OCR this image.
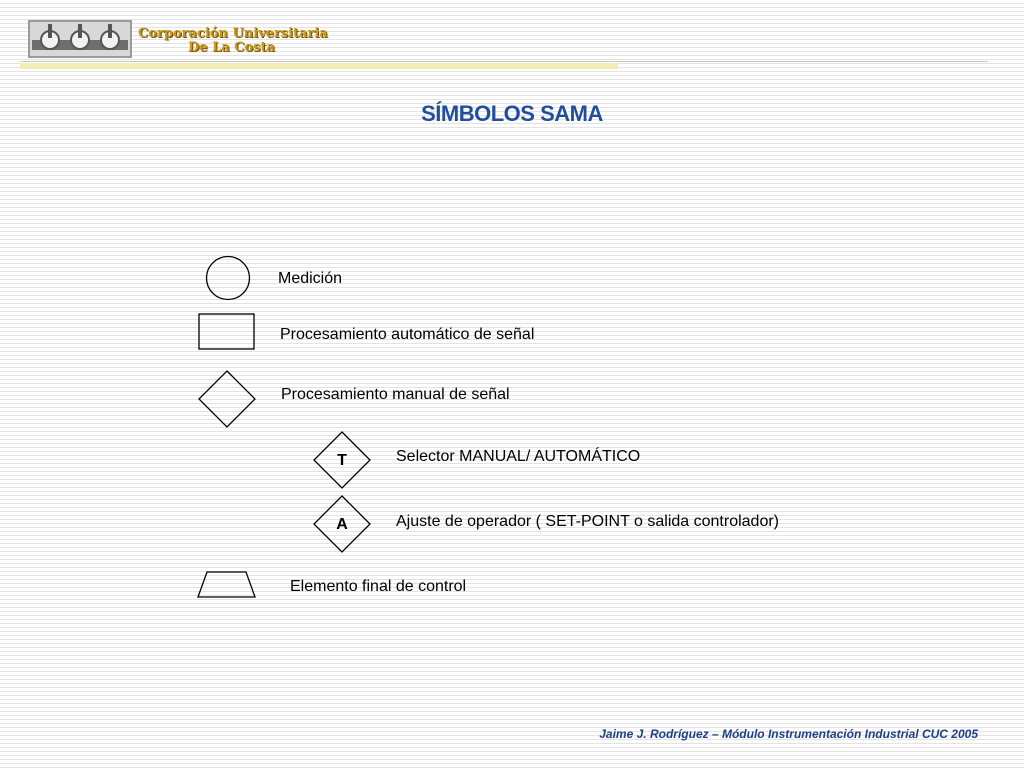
Corporación Universitaria
De La Costa
SÍMBOLOS SAMA
Medición
Procesamiento automático de señal
Procesamiento manual de señal
T	Selector MANUAL/ AUTOMÁTICO
A	Ajuste de operador ( SET-POINT o salida controlador)
Elemento final de control
Jaime J. Rodríguez – Módulo Instrumentación Industrial CUC 2005
